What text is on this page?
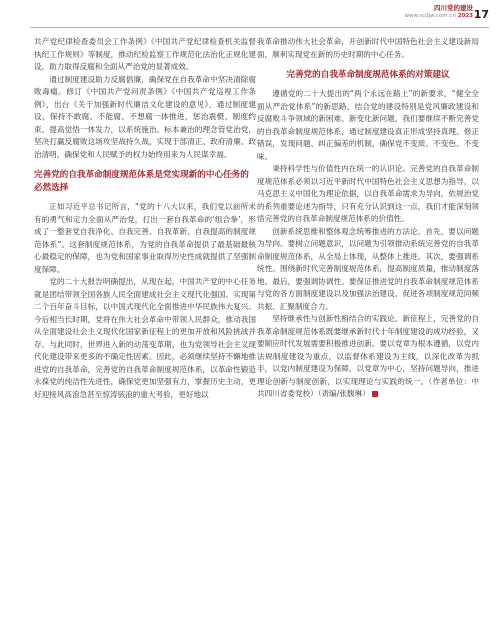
四川党的建设
www.scdjw.com.cn 2023 17

共产党纪律检查委员会工作条例》《中国共产党纪律检查机关监督执纪工作规则》等制度，推动纪检监察工作规范化法治化正规化建设，助力取得反腐和全面从严治党的显著成效。

通过制度建设助力反腐倡廉，确保党在自我革命中坚决清除腐败毒瘤。修订《中国共产党问责条例》《中国共产党巡视工作条例》，出台《关于加强新时代廉洁文化建设的意见》，通过制度建设，保持不敢腐、不能腐、不想腐一体推进，惩治震慑、制度约束、提高觉悟一体发力，以系统施治、标本兼治的理念管党治党，坚决打赢反腐败这场攻坚战持久战，实现干部清正、政府清廉、政治清明，确保党和人民赋予的权力始终用来为人民谋幸福。

完善党的自我革命制度规范体系是党实现新的中心任务的必然选择

正如习近平总书记所言，“党的十八大以来，我们党以前所未有的勇气和定力全面从严治党，打出一套自我革命的‘组合拳’，形成了一整套党自我净化、自我完善、自我革新、自我提高的制度规范体系”。这套制度规范体系，为党的自我革命提供了最基础最核心最稳定的保障，也为党和国家事业取得历史性成就提供了坚强制度保障。

党的二十大报告明确提出，从现在起，中国共产党的中心任务就是团结带领全国各族人民全面建成社会主义现代化强国、实现第二个百年奋斗目标，以中国式现代化全面推进中华民族伟大复兴。今后相当长时期，党将在伟大社会革命中带领人民群众，推动我国从全面建设社会主义现代化国家新征程上的更加开放和风险挑战并存。与此同时，世界进入新的动荡变革期，也为党领导社会主义现代化建设带来更多的不确定性因素。因此，必须继续坚持不懈地推进党的自我革命，完善党的自我革命制度规范体系，以革命性锻造永葆党的纯洁性先进性，确保党更加坚强有力，掌握历史主动，更好迎接风高浪急甚至惊涛骇浪的重大考验，更好地以

我革命推动伟大社会革命，开创新时代中国特色社会主义建设新局面，顺利实现党在新的历史时期的中心任务。

完善党的自我革命制度规范体系的对策建议

遵循党的二十大提出的“两个永远在路上”的新要求，“健全全面从严治党体系”的新思路，结合党的建设特别是党风廉政建设和反腐败斗争领域的新困难、新变化新问题，我们要继续不断完善党的自我革命制度规范体系，通过制度建设真正形成坚持真理、修正错误，发现问题、纠正偏差的机制，确保党不变质、不变色、不变味。

秉持科学性与价值性内在统一的认识论。完善党的自我革命制度规范体系必须以习近平新时代中国特色社会主义思想为指导，以马克思主义中国化为理论依据，以自我革命需求为导向，依规治党的系列重要论述为指导，只有充分认识到这一点，我们才能深刻领悟完善党的自我革命制度规范体系的价值性。

创新系统思维和整体观念统筹推进的方法论。首先，要以问题为导向。要树立问题意识，以问题为引领推动系统完善党的自我革命制度规范体系，从全局上体现，从整体上推进。其次，要强调系统性。围绕新时代完善制度规范体系，提高制度质量，推动制度落地。最后，要强调协调性。要保证推进党的自我革命制度规范体系与党的各方面制度建设以及加强法治建设，促进各项制度规范同频共振、汇聚制度合力。

坚持继承性与创新性相结合的实践论。新征程上，完善党的自我革命制度规范体系既要继承新时代十年制度建设的成功经验，又要顺应时代发展需要积极推进创新。要以党章为根本遵循，以党内法规制度建设为重点，以监督体系建设为主线，以深化改革为抓手，以党内制度建设为保障，以党章为中心，坚持问题导向，推进理论创新与制度创新，以实现理论与实践的统一。（作者单位：中共四川省委党校）（责编/张馥琳）
